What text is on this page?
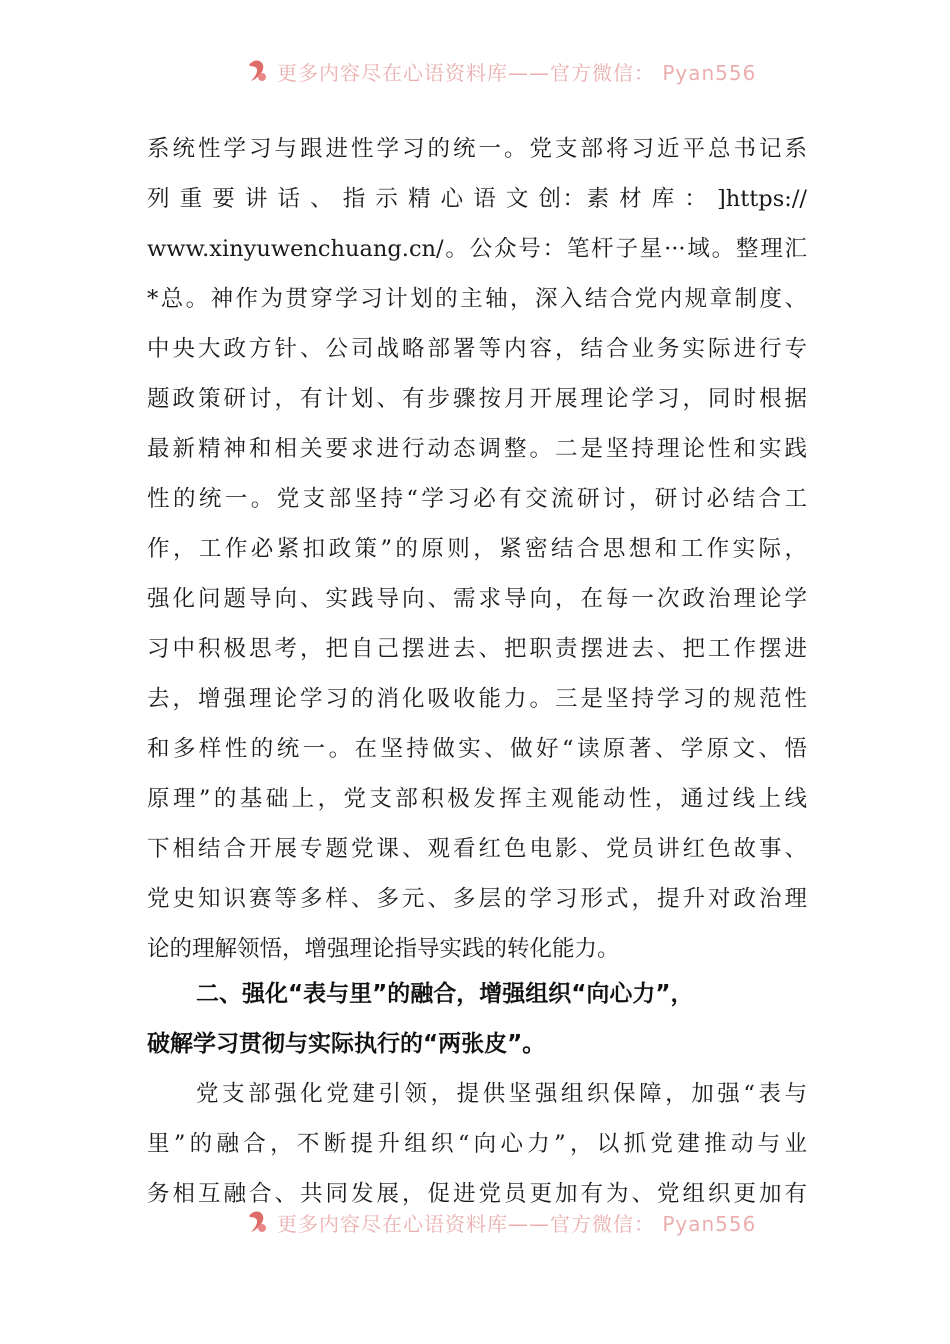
更多内容尽在心语资料库——官方微信： Pyan556
系统性学习与跟进性学习的统一。党支部将习近平总书记系
列 重 要 讲 话 、 指 示 精 心 语 文 创：素 材 库 ： ]https://
www.xinyuwenchuang.cn/。公众号：笔杆子星···域。整理汇
*总。神作为贯穿学习计划的主轴，深入结合党内规章制度、
中央大政方针、公司战略部署等内容，结合业务实际进行专
题政策研讨，有计划、有步骤按月开展理论学习，同时根据
最新精神和相关要求进行动态调整。二是坚持理论性和实践
性的统一。党支部坚持“学习必有交流研讨，研讨必结合工
作，工作必紧扣政策”的原则，紧密结合思想和工作实际，
强化问题导向、实践导向、需求导向，在每一次政治理论学
习中积极思考，把自己摆进去、把职责摆进去、把工作摆进
去，增强理论学习的消化吸收能力。三是坚持学习的规范性
和多样性的统一。在坚持做实、做好“读原著、学原文、悟
原理”的基础上，党支部积极发挥主观能动性，通过线上线
下相结合开展专题党课、观看红色电影、党员讲红色故事、
党史知识赛等多样、多元、多层的学习形式，提升对政治理
论的理解领悟，增强理论指导实践的转化能力。
二、强化“表与里”的融合，增强组织“向心力”，
破解学习贯彻与实际执行的“两张皮”。
党支部强化党建引领，提供坚强组织保障，加强“表与
里”的融合，不断提升组织“向心力”，以抓党建推动与业
务相互融合、共同发展，促进党员更加有为、党组织更加有
更多内容尽在心语资料库——官方微信： Pyan556
